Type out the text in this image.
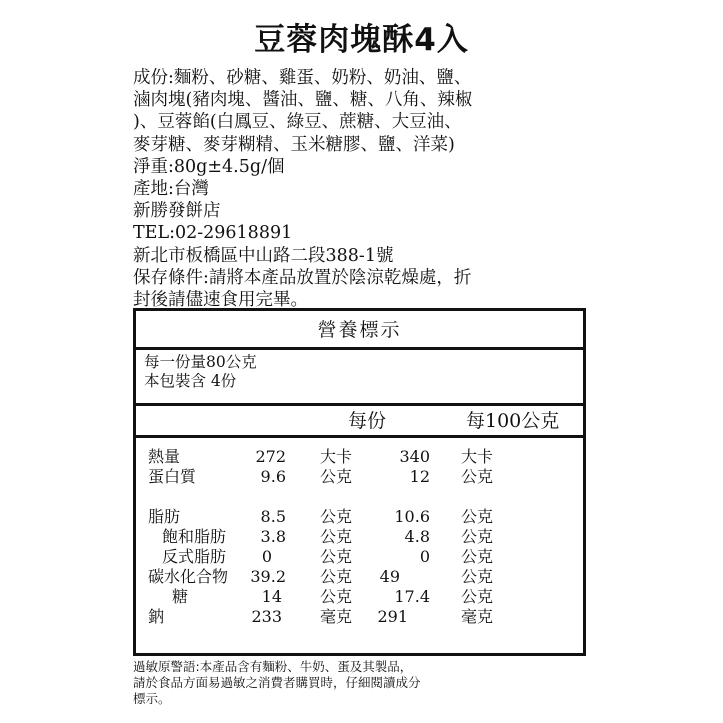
豆蓉肉塊酥4入
成份:麵粉、砂糖、雞蛋、奶粉、奶油、鹽、
滷肉塊(豬肉塊、醬油、鹽、糖、八角、辣椒
)、豆蓉餡(白鳳豆、綠豆、蔗糖、大豆油、
麥芽糖、麥芽糊精、玉米糖膠、鹽、洋菜)
淨重:80g±4.5g/個
產地:台灣
新勝發餅店
TEL:02-29618891
新北市板橋區中山路二段388-1號
保存條件:請將本產品放置於陰涼乾燥處，折
封後請儘速食用完畢。
營養標示
每一份量80公克
本包裝含 4份
每份	每100公克
熱量	272 大卡	340 大卡
蛋白質	9.6 公克	12 公克
脂肪	8.5 公克	10.6 公克
飽和脂肪	3.8 公克	4.8 公克
反式脂肪	0	公克	0 公克
碳水化合物	39.2 公克	49	公克
糖	14 公克	17.4 公克
鈉	233 毫克	291	毫克
過敏原警語:本產品含有麵粉、牛奶、蛋及其製品，
請於食品方面易過敏之消費者購買時，仔細閱讀成分
標示。
